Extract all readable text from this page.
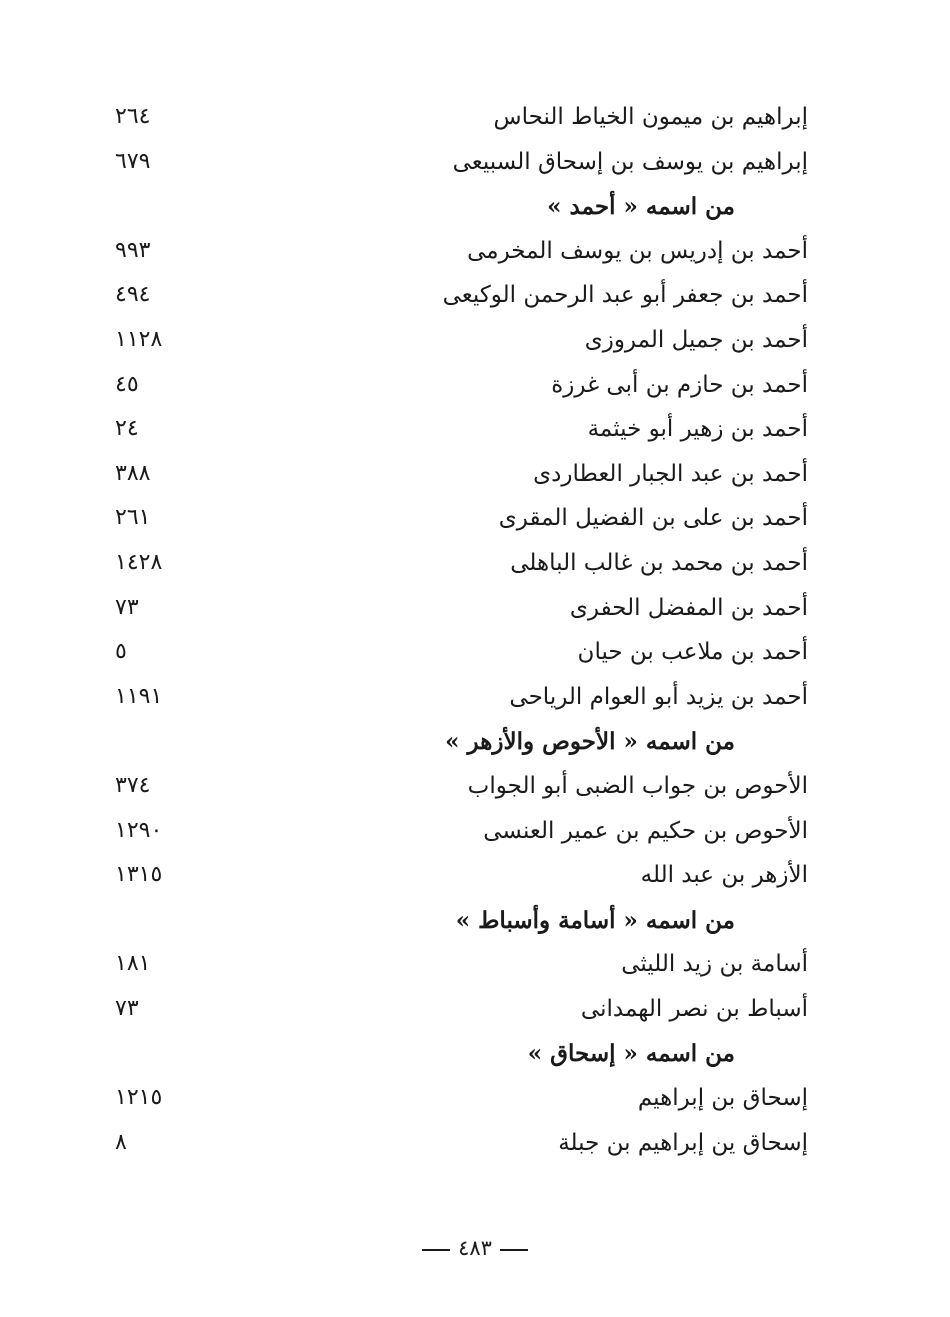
إبراهيم بن ميمون الخياط النحاس
٢٦٤
إبراهيم بن يوسف بن إسحاق السبيعى
٦٧٩
من اسمه « أحمد »
أحمد بن إدريس بن يوسف المخرمى
٩٩٣
أحمد بن جعفر أبو عبد الرحمن الوكيعى
٤٩٤
أحمد بن جميل المروزى
١١٢٨
أحمد بن حازم بن أبى غرزة
٤٥
أحمد بن زهير أبو خيثمة
٢٤
أحمد بن عبد الجبار العطاردى
٣٨٨
أحمد بن على بن الفضيل المقرى
٢٦١
أحمد بن محمد بن غالب الباهلى
١٤٢٨
أحمد بن المفضل الحفرى
٧٣
أحمد بن ملاعب بن حيان
٥
أحمد بن يزيد أبو العوام الرياحى
١١٩١
من اسمه « الأحوص والأزهر »
الأحوص بن جواب الضبى أبو الجواب
٣٧٤
الأحوص بن حكيم بن عمير العنسى
١٢٩٠
الأزهر بن عبد الله
١٣١٥
من اسمه « أسامة وأسباط »
أسامة بن زيد الليثى
١٨١
أسباط بن نصر الهمدانى
٧٣
من اسمه « إسحاق »
إسحاق بن إبراهيم
١٢١٥
إسحاق ين إبراهيم بن جبلة
٨
٤٨٣
